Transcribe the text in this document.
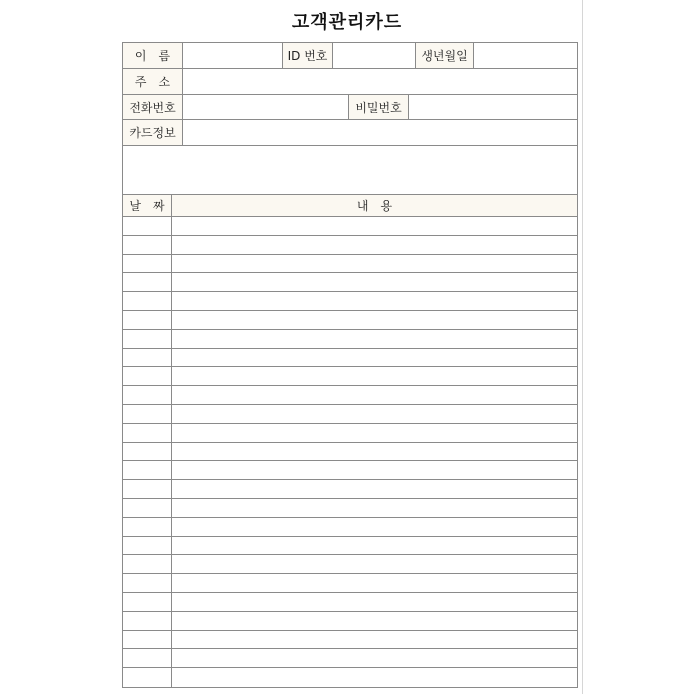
고객관리카드
이　름	ID 번호	생년월일
주　소
전화번호	비밀번호
카드정보
날　짜	내　용
